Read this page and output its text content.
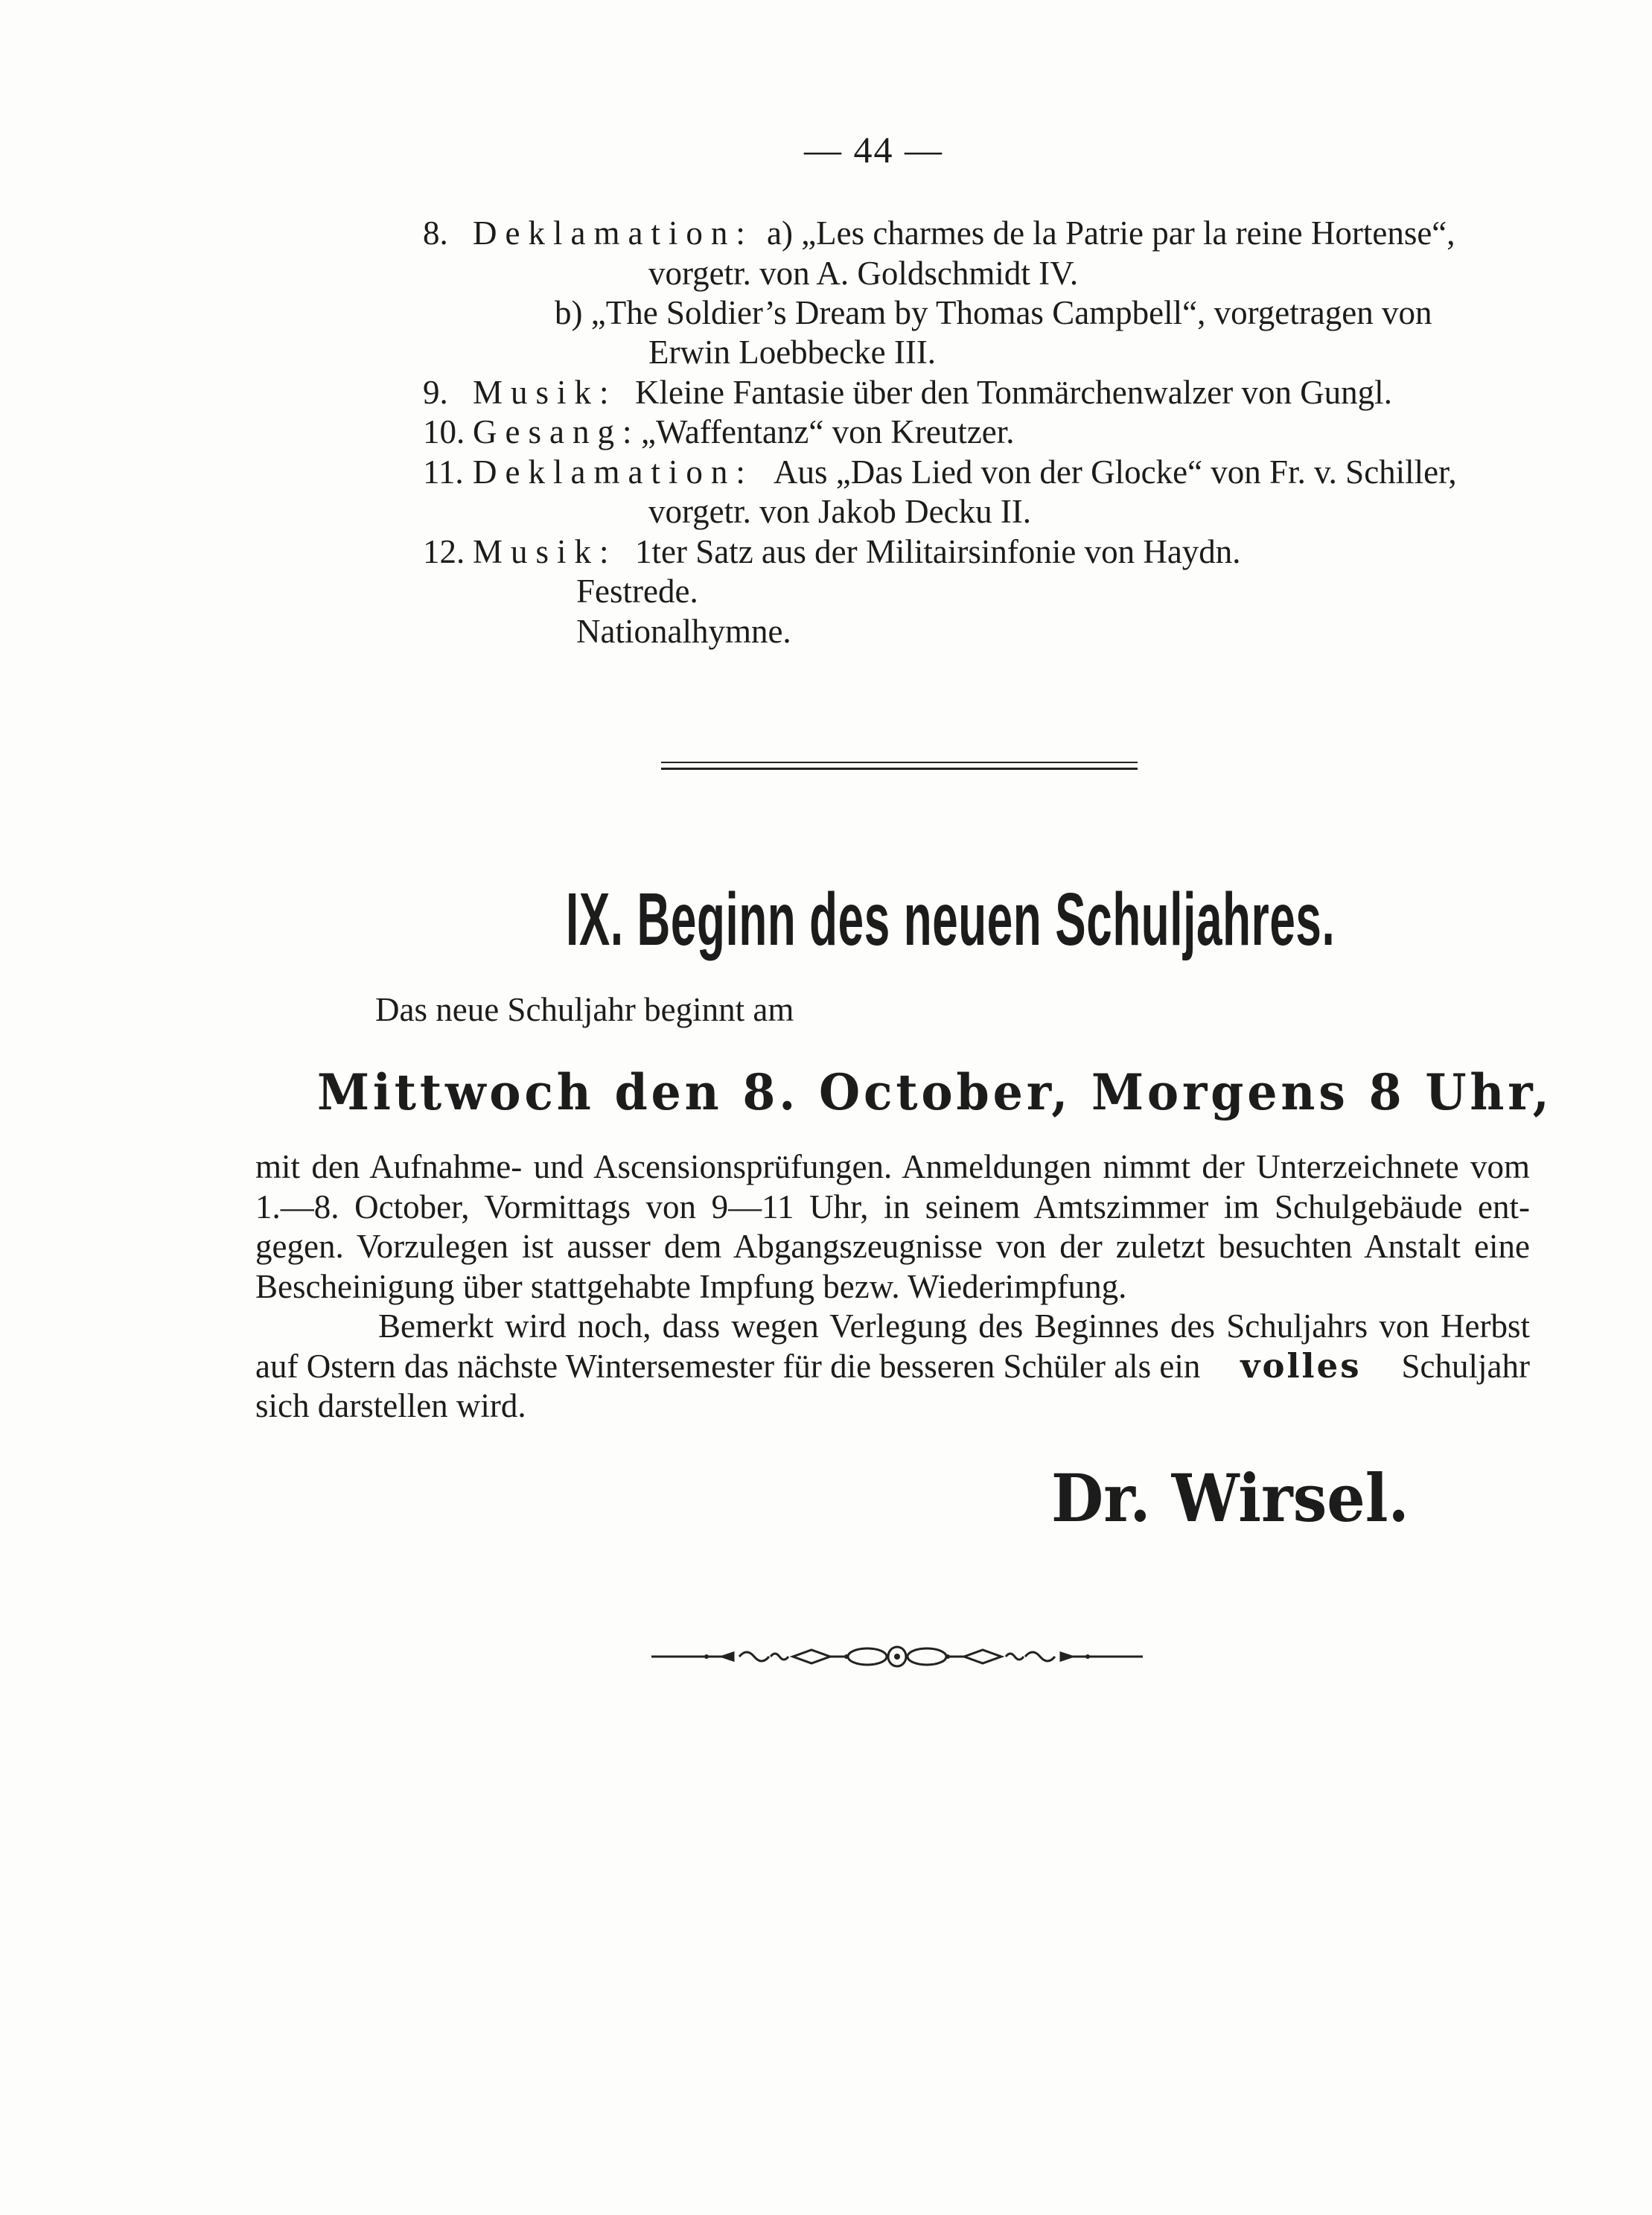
— 44 —
8. Deklamation: a) „Les charmes de la Patrie par la reine Hortense“,
vorgetr. von A. Goldschmidt IV.
b) „The Soldier’s Dream by Thomas Campbell“, vorgetragen von
Erwin Loebbecke III.
9. Musik: Kleine Fantasie über den Tonmärchenwalzer von Gungl.
10. Gesang: „Waffentanz“ von Kreutzer.
11. Deklamation: Aus „Das Lied von der Glocke“ von Fr. v. Schiller,
vorgetr. von Jakob Decku II.
12. Musik: 1ter Satz aus der Militairsinfonie von Haydn.
Festrede.
Nationalhymne.
IX. Beginn des neuen Schuljahres.
Das neue Schuljahr beginnt am
Mittwoch den 8. October, Morgens 8 Uhr,
mit den Aufnahme- und Ascensionsprüfungen. Anmeldungen nimmt der Unterzeichnete vom
1.—8. October, Vormittags von 9—11 Uhr, in seinem Amtszimmer im Schulgebäude ent-
gegen. Vorzulegen ist ausser dem Abgangszeugnisse von der zuletzt besuchten Anstalt eine
Bescheinigung über stattgehabte Impfung bezw. Wiederimpfung.
Bemerkt wird noch, dass wegen Verlegung des Beginnes des Schuljahrs von Herbst
auf Ostern das nächste Wintersemester für die besseren Schüler als ein volles Schuljahr
sich darstellen wird.
Dr. Wirsel.
